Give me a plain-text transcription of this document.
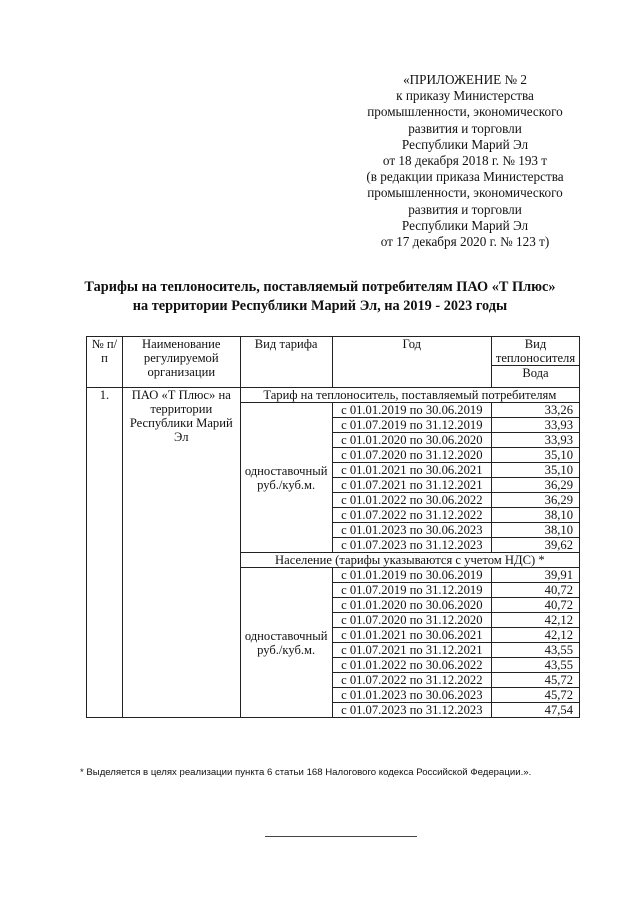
«ПРИЛОЖЕНИЕ № 2
к приказу Министерства
промышленности, экономического
развития и торговли
Республики Марий Эл
от 18 декабря 2018 г. № 193 т
(в редакции приказа Министерства
промышленности, экономического
развития и торговли
Республики Марий Эл
от 17 декабря 2020 г. № 123 т)
Тарифы на теплоноситель, поставляемый потребителям ПАО «Т Плюс»
на территории Республики Марий Эл, на 2019 - 2023 годы
№ п/п	Наименование регулируемой организации	Вид тарифа	Год	Вид теплоносителя
				Вода
1.	ПАО «Т Плюс» на территории Республики Марий Эл	Тариф на теплоноситель, поставляемый потребителям		
		одноставочный руб./куб.м.	с 01.01.2019 по 30.06.2019	33,26
			с 01.07.2019 по 31.12.2019	33,93
			с 01.01.2020 по 30.06.2020	33,93
			с 01.07.2020 по 31.12.2020	35,10
			с 01.01.2021 по 30.06.2021	35,10
			с 01.07.2021 по 31.12.2021	36,29
			с 01.01.2022 по 30.06.2022	36,29
			с 01.07.2022 по 31.12.2022	38,10
			с 01.01.2023 по 30.06.2023	38,10
			с 01.07.2023 по 31.12.2023	39,62
		Население (тарифы указываются с учетом НДС) *		
		одноставочный руб./куб.м.	с 01.01.2019 по 30.06.2019	39,91
			с 01.07.2019 по 31.12.2019	40,72
			с 01.01.2020 по 30.06.2020	40,72
			с 01.07.2020 по 31.12.2020	42,12
			с 01.01.2021 по 30.06.2021	42,12
			с 01.07.2021 по 31.12.2021	43,55
			с 01.01.2022 по 30.06.2022	43,55
			с 01.07.2022 по 31.12.2022	45,72
			с 01.01.2023 по 30.06.2023	45,72
			с 01.07.2023 по 31.12.2023	47,54
* Выделяется в целях реализации пункта 6 статьи 168 Налогового кодекса Российской Федерации.».
